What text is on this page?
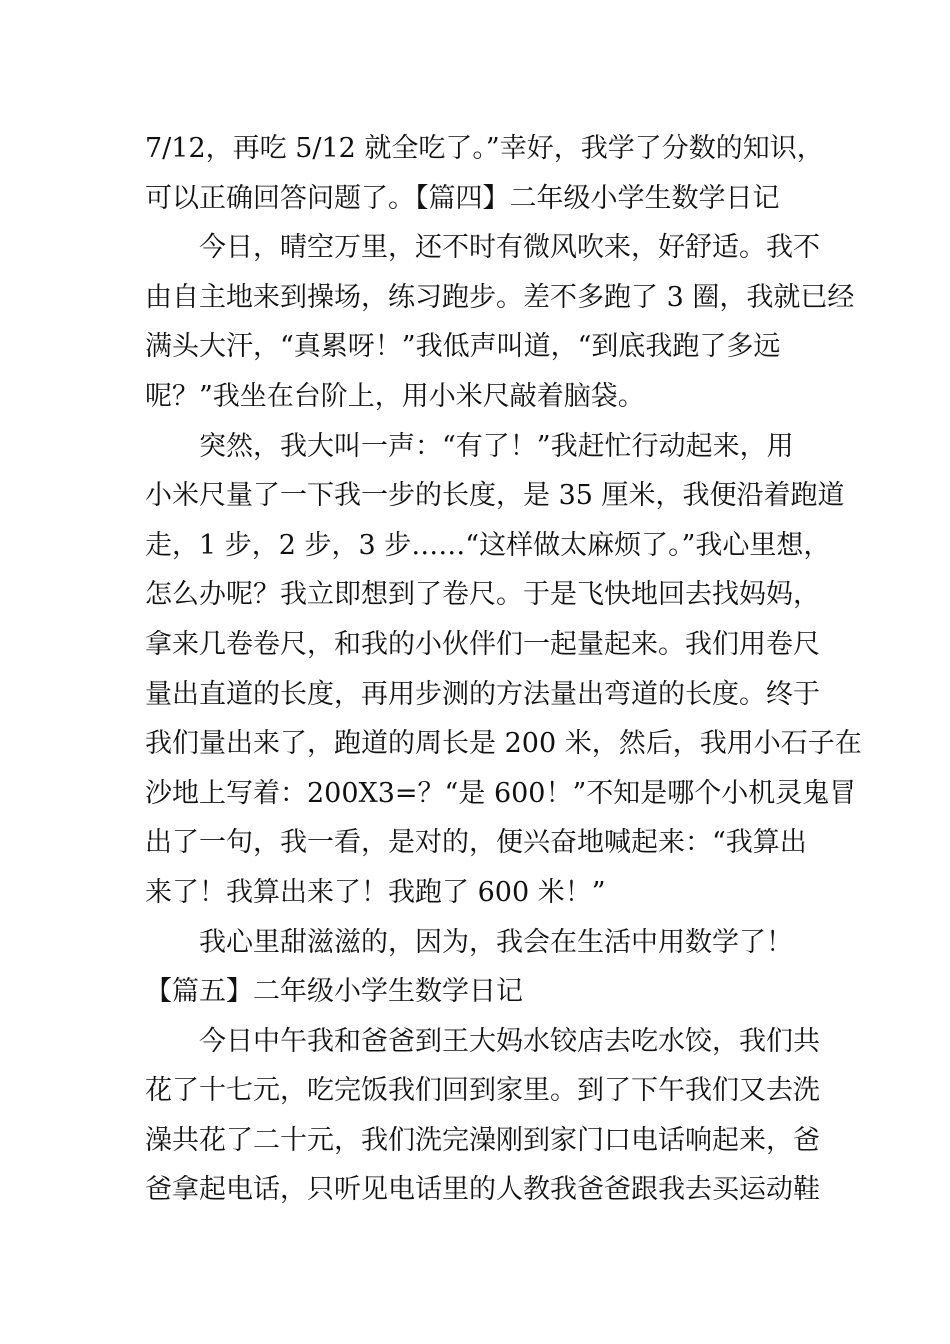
7/12，再吃 5/12 就全吃了。”幸好，我学了分数的知识，
可以正确回答问题了。【篇四】二年级小学生数学日记
今日，晴空万里，还不时有微风吹来，好舒适。我不
由自主地来到操场，练习跑步。差不多跑了 3 圈，我就已经
满头大汗，“真累呀！”我低声叫道，“到底我跑了多远
呢？”我坐在台阶上，用小米尺敲着脑袋。
突然，我大叫一声：“有了！”我赶忙行动起来，用
小米尺量了一下我一步的长度，是 35 厘米，我便沿着跑道
走，1 步，2 步，3 步……“这样做太麻烦了。”我心里想，
怎么办呢？我立即想到了卷尺。于是飞快地回去找妈妈，
拿来几卷卷尺，和我的小伙伴们一起量起来。我们用卷尺
量出直道的长度，再用步测的方法量出弯道的长度。终于
我们量出来了，跑道的周长是 200 米，然后，我用小石子在
沙地上写着：200X3=？“是 600！”不知是哪个小机灵鬼冒
出了一句，我一看，是对的，便兴奋地喊起来：“我算出
来了！我算出来了！我跑了 600 米！”
我心里甜滋滋的，因为，我会在生活中用数学了！
【篇五】二年级小学生数学日记
今日中午我和爸爸到王大妈水铰店去吃水饺，我们共
花了十七元，吃完饭我们回到家里。到了下午我们又去洗
澡共花了二十元，我们洗完澡刚到家门口电话响起来，爸
爸拿起电话，只听见电话里的人教我爸爸跟我去买运动鞋
